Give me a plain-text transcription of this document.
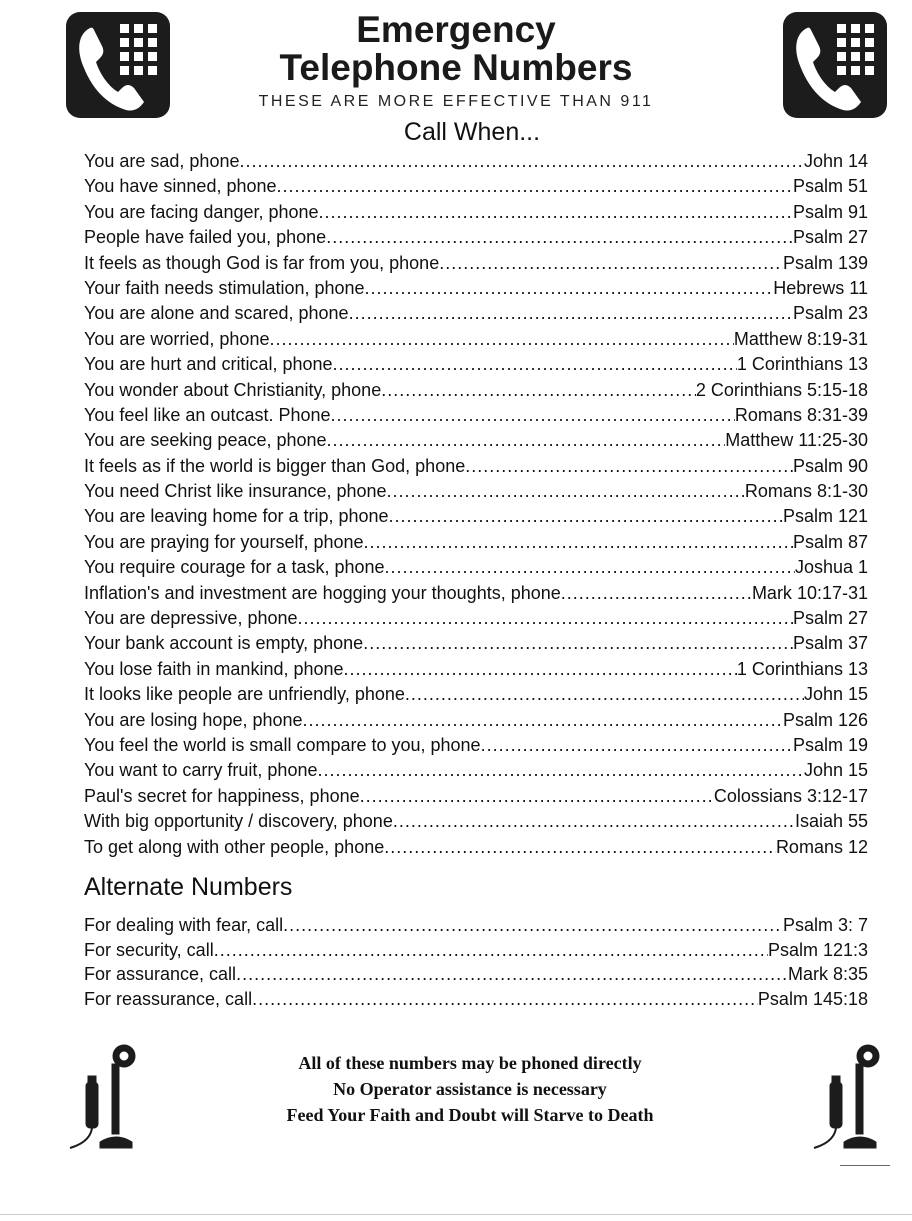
Emergency
Telephone Numbers
THESE ARE MORE EFFECTIVE THAN 911
Call When...
You are sad, phone .....	John 14
You have sinned, phone .....	Psalm 51
You are facing danger, phone .....	Psalm 91
People have failed you, phone .....	Psalm 27
It feels as though God is far from you, phone .....	Psalm 139
Your faith needs stimulation, phone .....	Hebrews 11
You are alone and scared, phone .....	Psalm 23
You are worried, phone .....	Matthew 8:19-31
You are hurt and critical, phone .....	1 Corinthians 13
You wonder about Christianity, phone .....	2 Corinthians 5:15-18
You feel like an outcast. Phone .....	Romans 8:31-39
You are seeking peace, phone .....	Matthew 11:25-30
It feels as if the world is bigger than God, phone .....	Psalm 90
You need Christ like insurance, phone .....	Romans 8:1-30
You are leaving home for a trip, phone .....	Psalm 121
You are praying for yourself, phone .....	Psalm 87
You require courage for a task, phone .....	Joshua 1
Inflation's and investment are hogging your thoughts, phone .....	Mark 10:17-31
You are depressive, phone .....	Psalm 27
Your bank account is empty, phone .....	Psalm 37
You lose faith in mankind, phone .....	1 Corinthians 13
It looks like people are unfriendly, phone .....	John 15
You are losing hope, phone .....	Psalm 126
You feel the world is small compare to you, phone .....	Psalm 19
You want to carry fruit, phone .....	John 15
Paul's secret for happiness, phone .....	Colossians 3:12-17
With big opportunity / discovery, phone .....	Isaiah 55
To get along with other people, phone .....	Romans 12
Alternate Numbers
For dealing with fear, call .....	Psalm 3: 7
For security, call .....	Psalm 121:3
For assurance, call .....	Mark 8:35
For reassurance, call .....	Psalm 145:18
All of these numbers may be phoned directly
No Operator assistance is necessary
Feed Your Faith and Doubt will Starve to Death
